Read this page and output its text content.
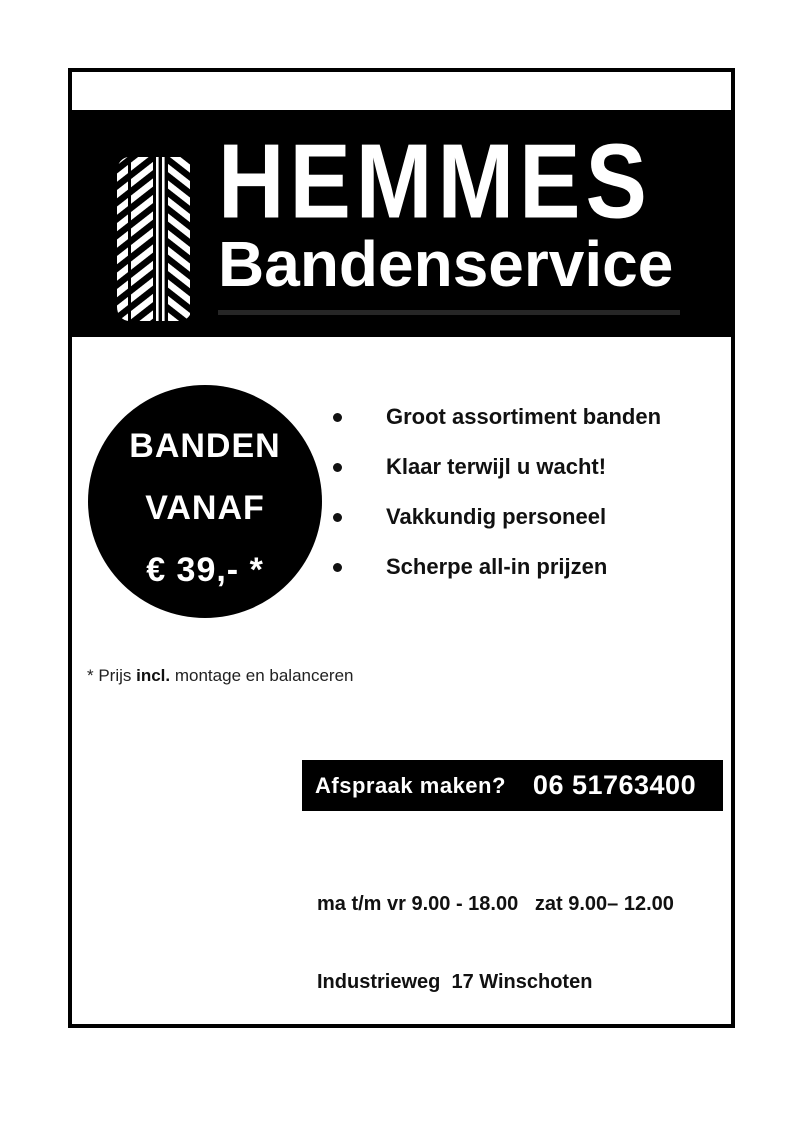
HEMMES
Bandenservice
BANDEN
VANAF
€ 39,- *
Groot assortiment banden
Klaar terwijl u wacht!
Vakkundig personeel
Scherpe all-in prijzen
* Prijs incl. montage en balanceren
Afspraak maken? 06 51763400

ma t/m vr 9.00 - 18.00   zat 9.00– 12.00

Industrieweg  17 Winschoten
